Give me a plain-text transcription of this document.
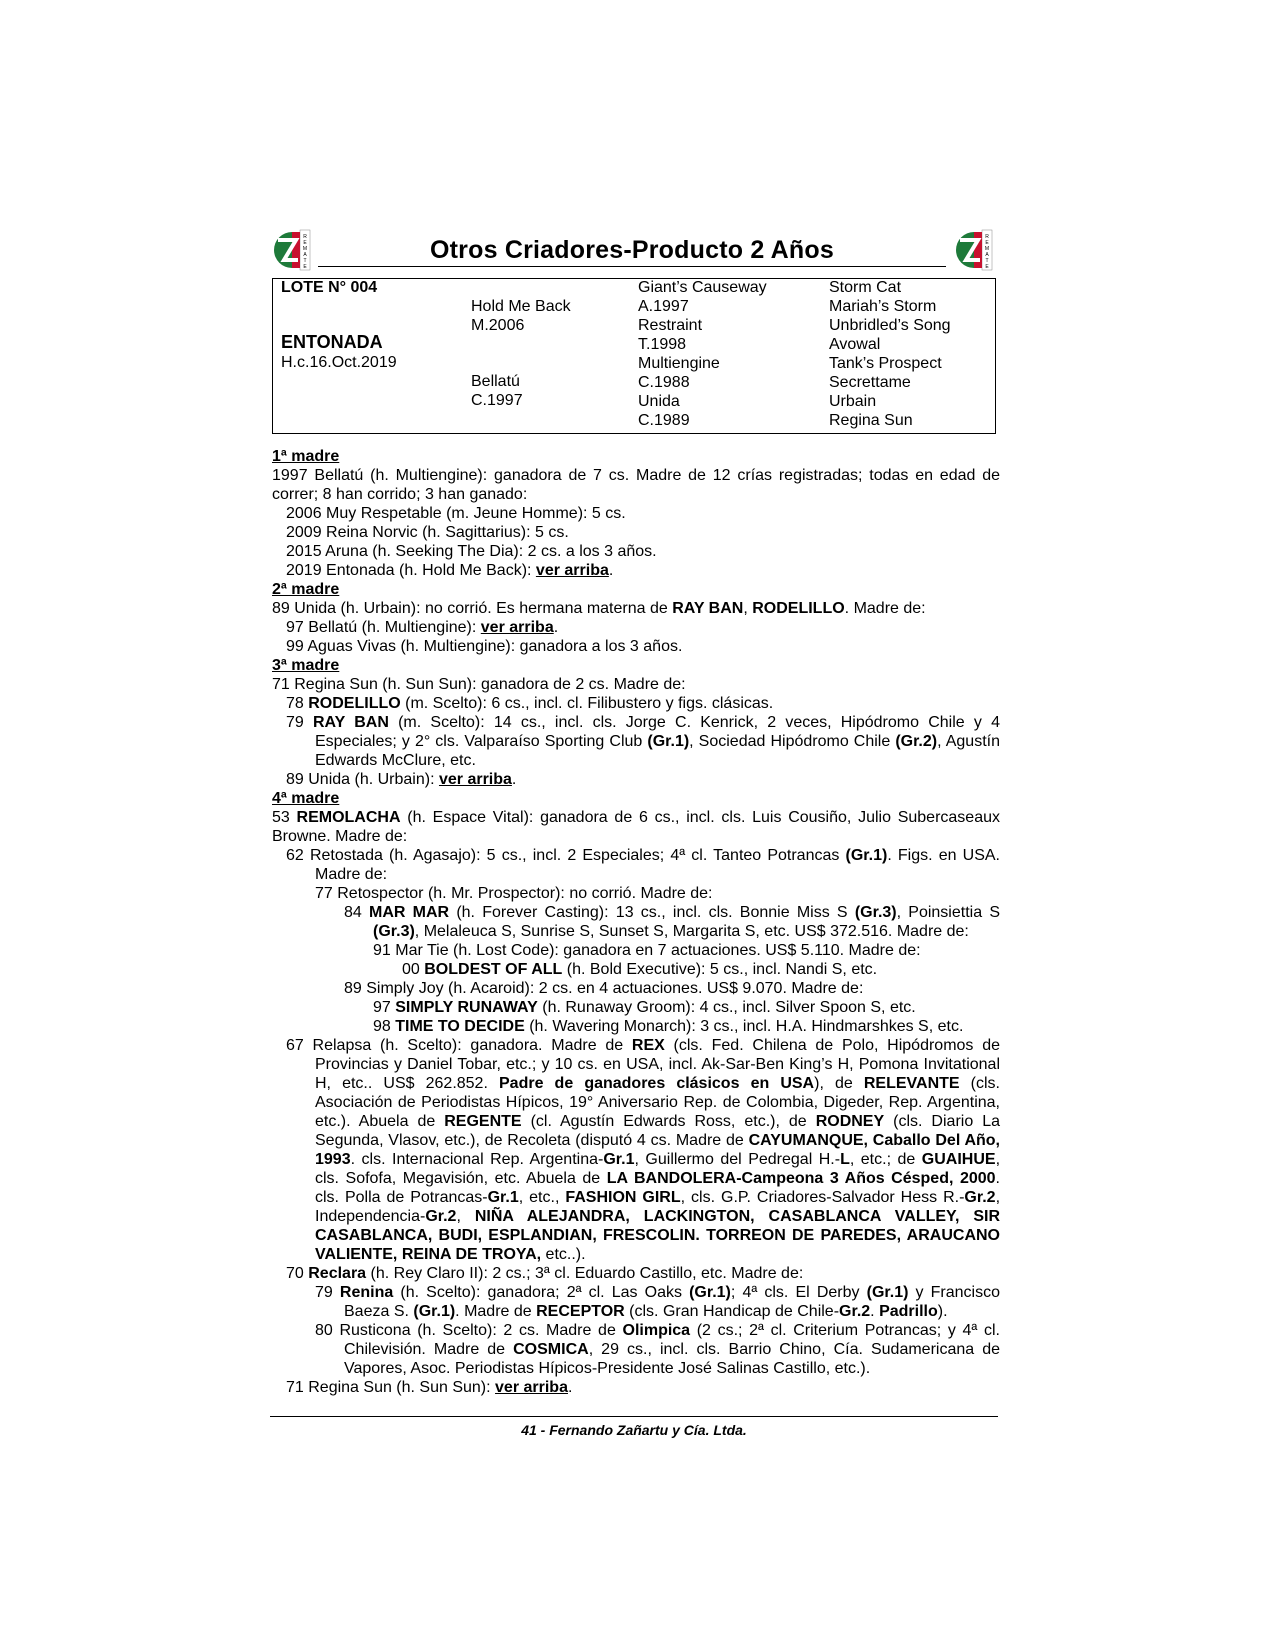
R
E
M
A
T
E
R
E
M
A
T
E
Otros Criadores-Producto 2 Años
LOTE N° 004
ENTONADA
H.c.16.Oct.2019
Hold Me Back
M.2006
Bellatú
C.1997
Giant’s Causeway
A.1997
Restraint
T.1998
Multiengine
C.1988
Unida
C.1989
Storm Cat
Mariah’s Storm
Unbridled’s Song
Avowal
Tank’s Prospect
Secrettame
Urbain
Regina Sun
1ª madre
1997 Bellatú (h. Multiengine): ganadora de 7 cs. Madre de 12 crías registradas; todas en edad de
correr; 8 han corrido; 3 han ganado:
2006 Muy Respetable (m. Jeune Homme): 5 cs.
2009 Reina Norvic (h. Sagittarius): 5 cs.
2015 Aruna (h. Seeking The Dia): 2 cs. a los 3 años.
2019 Entonada (h. Hold Me Back): ver arriba.
2ª madre
89 Unida (h. Urbain): no corrió. Es hermana materna de RAY BAN, RODELILLO. Madre de:
97 Bellatú (h. Multiengine): ver arriba.
99 Aguas Vivas (h. Multiengine): ganadora a los 3 años.
3ª madre
71 Regina Sun (h. Sun Sun): ganadora de 2 cs. Madre de:
78 RODELILLO (m. Scelto): 6 cs., incl. cl. Filibustero y figs. clásicas.
79 RAY BAN (m. Scelto): 14 cs., incl. cls. Jorge C. Kenrick, 2 veces, Hipódromo Chile y 4 Especiales; y 2° cls. Valparaíso Sporting Club (Gr.1), Sociedad Hipódromo Chile (Gr.2), Agustín Edwards McClure, etc.
89 Unida (h. Urbain): ver arriba.
4ª madre
53 REMOLACHA (h. Espace Vital): ganadora de 6 cs., incl. cls. Luis Cousiño, Julio Subercaseaux Browne. Madre de:
62 Retostada (h. Agasajo): 5 cs., incl. 2 Especiales; 4ª cl. Tanteo Potrancas (Gr.1). Figs. en USA. Madre de:
77 Retospector (h. Mr. Prospector): no corrió. Madre de:
84 MAR MAR (h. Forever Casting): 13 cs., incl. cls. Bonnie Miss S (Gr.3), Poinsiettia S (Gr.3), Melaleuca S, Sunrise S, Sunset S, Margarita S, etc. US$ 372.516. Madre de:
91 Mar Tie (h. Lost Code): ganadora en 7 actuaciones. US$ 5.110. Madre de:
00 BOLDEST OF ALL (h. Bold Executive): 5 cs., incl. Nandi S, etc.
89 Simply Joy (h. Acaroid): 2 cs. en 4 actuaciones. US$ 9.070. Madre de:
97 SIMPLY RUNAWAY (h. Runaway Groom): 4 cs., incl. Silver Spoon S, etc.
98 TIME TO DECIDE (h. Wavering Monarch): 3 cs., incl. H.A. Hindmarshkes S, etc.
67 Relapsa (h. Scelto): ganadora. Madre de REX (cls. Fed. Chilena de Polo, Hipódromos de Provincias y Daniel Tobar, etc.; y 10 cs. en USA, incl. Ak-Sar-Ben King’s H, Pomona Invitational H, etc.. US$ 262.852. Padre de ganadores clásicos en USA), de RELEVANTE (cls. Asociación de Periodistas Hípicos, 19° Aniversario Rep. de Colombia, Digeder, Rep. Argentina, etc.). Abuela de REGENTE (cl. Agustín Edwards Ross, etc.), de RODNEY (cls. Diario La Segunda, Vlasov, etc.), de Recoleta (disputó 4 cs. Madre de CAYUMANQUE, Caballo Del Año, 1993. cls. Internacional Rep. Argentina-Gr.1, Guillermo del Pedregal H.-L, etc.; de GUAIHUE, cls. Sofofa, Megavisión, etc. Abuela de LA BANDOLERA-Campeona 3 Años Césped, 2000. cls. Polla de Potrancas-Gr.1, etc., FASHION GIRL, cls. G.P. Criadores-Salvador Hess R.-Gr.2, Independencia-Gr.2, NIÑA ALEJANDRA, LACKINGTON, CASABLANCA VALLEY, SIR CASABLANCA, BUDI, ESPLANDIAN, FRESCOLIN. TORREON DE PAREDES, ARAUCANO VALIENTE, REINA DE TROYA, etc..).
70 Reclara (h. Rey Claro II): 2 cs.; 3ª cl. Eduardo Castillo, etc. Madre de:
79 Renina (h. Scelto): ganadora; 2ª cl. Las Oaks (Gr.1); 4ª cls. El Derby (Gr.1) y Francisco Baeza S. (Gr.1). Madre de RECEPTOR (cls. Gran Handicap de Chile-Gr.2. Padrillo).
80 Rusticona (h. Scelto): 2 cs. Madre de Olimpica (2 cs.; 2ª cl. Criterium Potrancas; y 4ª cl. Chilevisión. Madre de COSMICA, 29 cs., incl. cls. Barrio Chino, Cía. Sudamericana de Vapores, Asoc. Periodistas Hípicos-Presidente José Salinas Castillo, etc.).
71 Regina Sun (h. Sun Sun): ver arriba.
41 - Fernando Zañartu y Cía. Ltda.
